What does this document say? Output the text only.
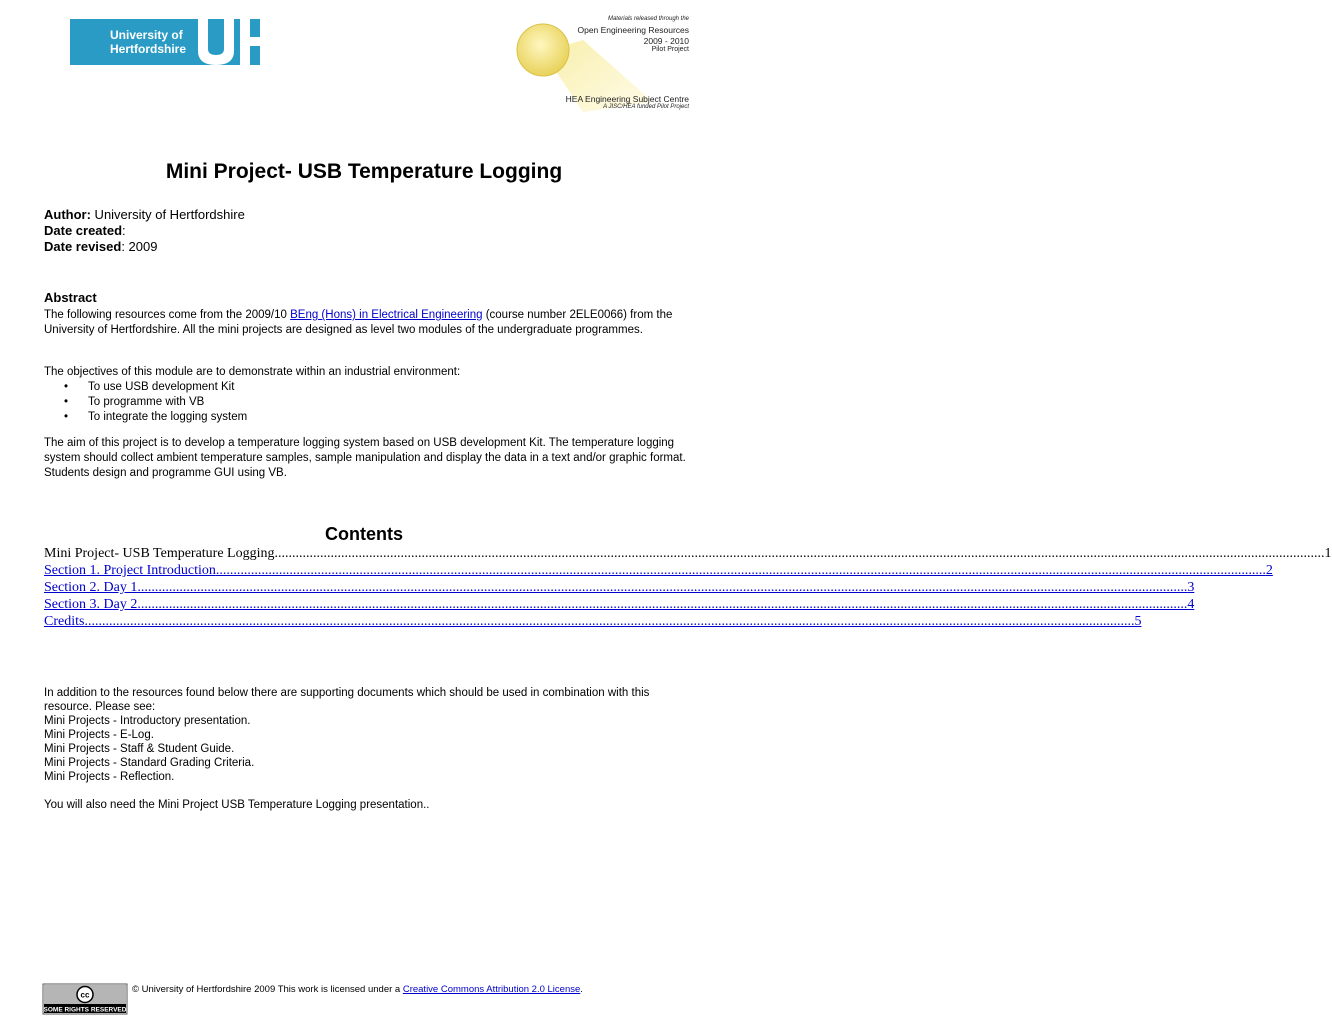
University of
Hertfordshire
Materials released through the
Open Engineering Resources
2009 - 2010
Pilot Project
HEA Engineering Subject Centre
A JISC/HEA funded Pilot Project
Mini Project- USB Temperature Logging
Author: University of Hertfordshire
Date created:
Date revised: 2009
Abstract
The following resources come from the 2009/10 BEng (Hons) in Electrical Engineering (course number 2ELE0066) from the University of Hertfordshire. All the mini projects are designed as level two modules of the undergraduate programmes.
The objectives of this module are to demonstrate within an industrial environment:
• To use USB development Kit
• To programme with VB
• To integrate the logging system
The aim of this project is to develop a temperature logging system based on USB development Kit. The temperature logging system should collect ambient temperature samples, sample manipulation and display the data in a text and/or graphic format. Students design and programme GUI using VB.
Contents
Mini Project- USB Temperature Logging ............................................................................................................................................................................................................................................................................................................ 1
Section 1. Project Introduction ............................................................................................................................................................................................................................................................................................................ 2
Section 2. Day 1 ............................................................................................................................................................................................................................................................................................................ 3
Section 3. Day 2 ............................................................................................................................................................................................................................................................................................................ 4
Credits ............................................................................................................................................................................................................................................................................................................ 5
In addition to the resources found below there are supporting documents which should be used in combination with this resource. Please see:
Mini Projects - Introductory presentation.
Mini Projects - E-Log.
Mini Projects - Staff & Student Guide.
Mini Projects - Standard Grading Criteria.
Mini Projects - Reflection.
You will also need the Mini Project USB Temperature Logging presentation..
cc
SOME RIGHTS RESERVED
© University of Hertfordshire 2009 This work is licensed under a Creative Commons Attribution 2.0 License.
